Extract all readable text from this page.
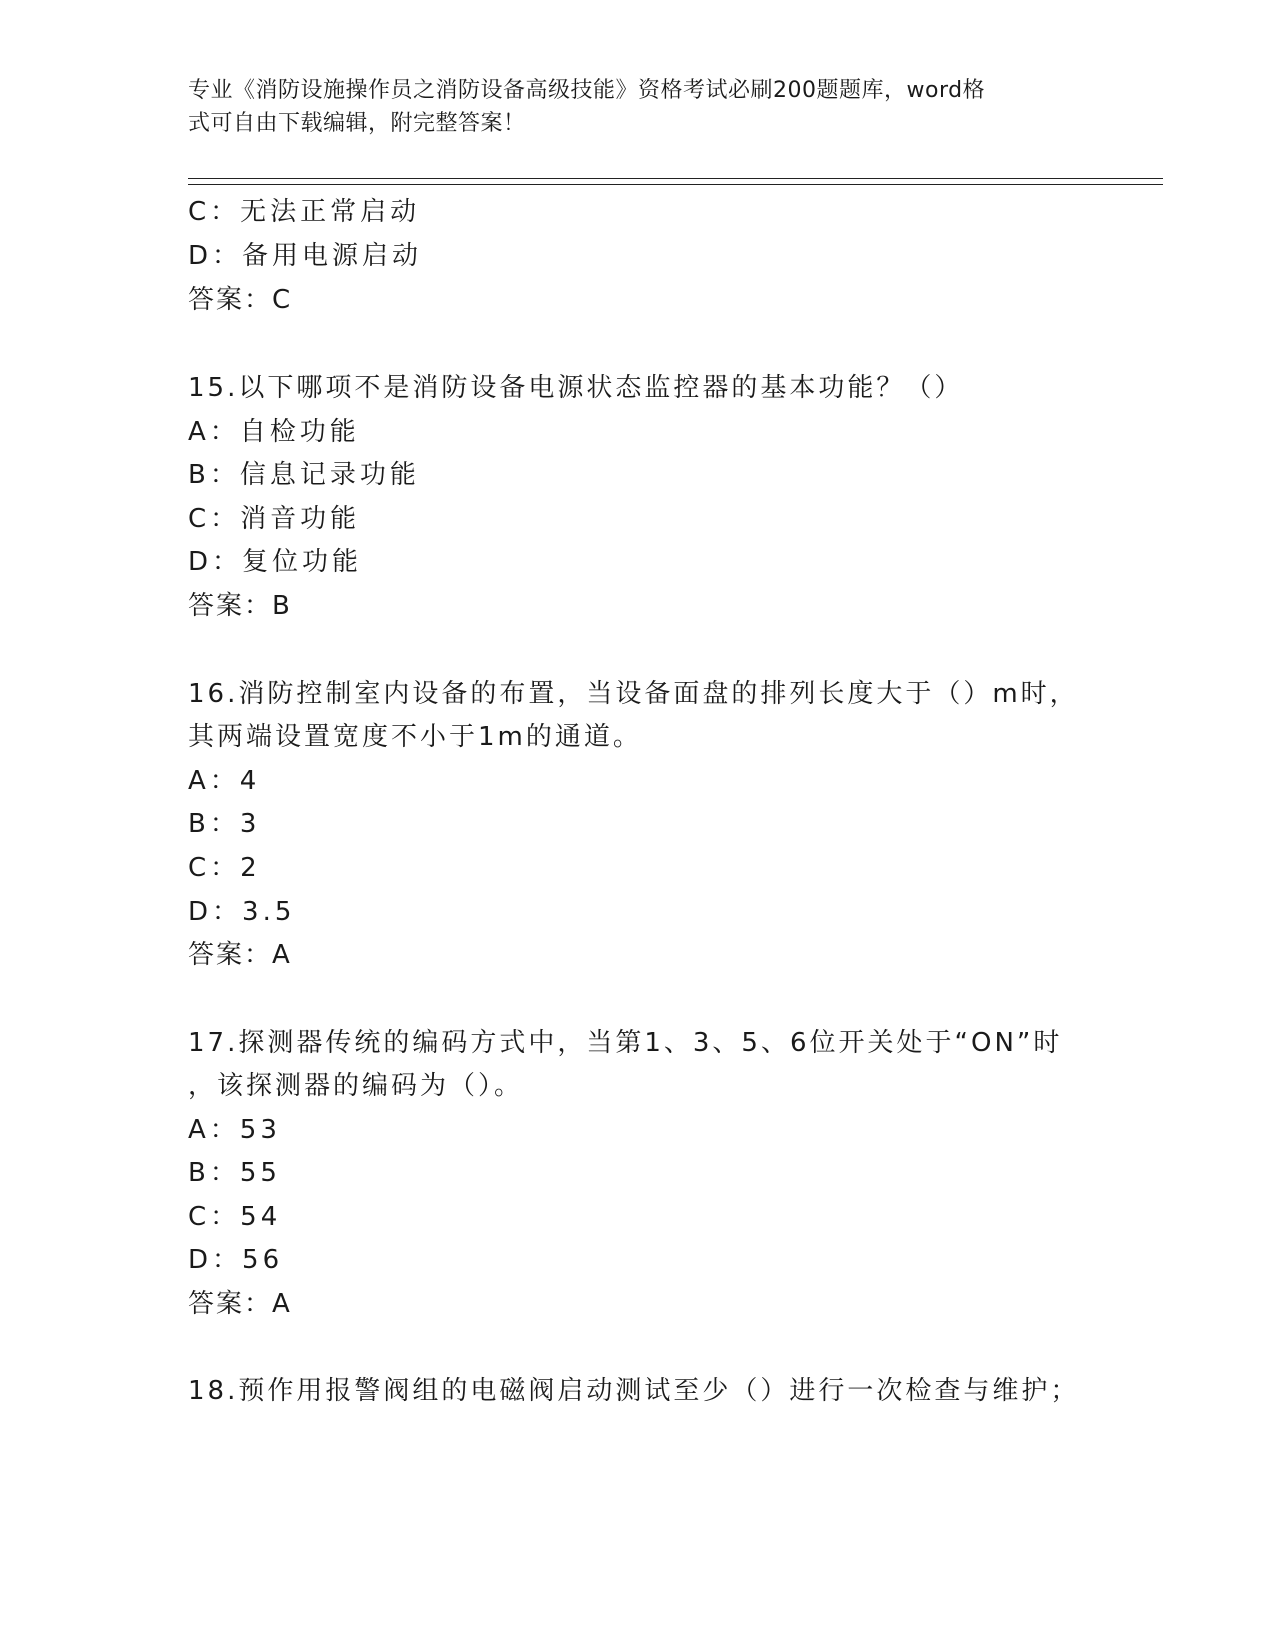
专业《消防设施操作员之消防设备高级技能》资格考试必刷200题题库，word格
式可自由下载编辑，附完整答案！
C：无法正常启动
D：备用电源启动
答案：C
15.以下哪项不是消防设备电源状态监控器的基本功能？（）
A：自检功能
B：信息记录功能
C：消音功能
D：复位功能
答案：B
16.消防控制室内设备的布置，当设备面盘的排列长度大于（）m时，
其两端设置宽度不小于1m的通道。
A：4
B：3
C：2
D：3.5
答案：A
17.探测器传统的编码方式中，当第1、3、5、6位开关处于“ON”时
，该探测器的编码为（）。
A：53
B：55
C：54
D：56
答案：A
18.预作用报警阀组的电磁阀启动测试至少（）进行一次检查与维护；
